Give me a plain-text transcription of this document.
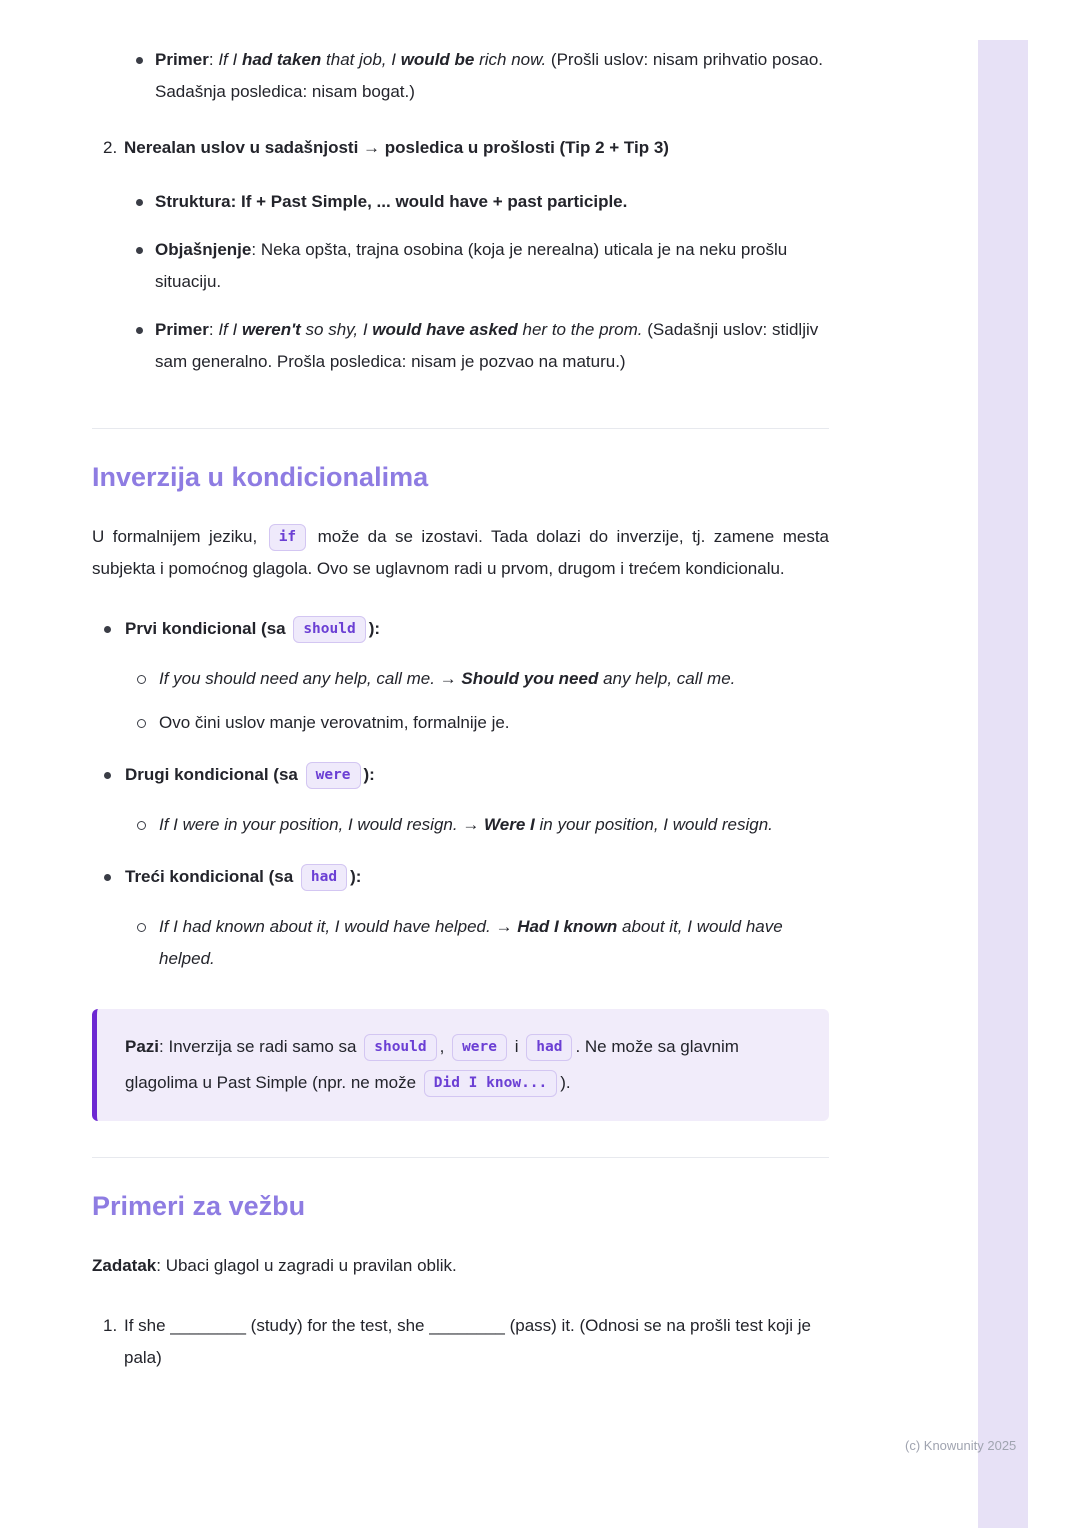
Primer: If I had taken that job, I would be rich now. (Prošli uslov: nisam prihvatio posao. Sadašnja posledica: nisam bogat.)
2. Nerealan uslov u sadašnjosti → posledica u prošlosti (Tip 2 + Tip 3)
Struktura: If + Past Simple, ... would have + past participle.
Objašnjenje: Neka opšta, trajna osobina (koja je nerealna) uticala je na neku prošlu situaciju.
Primer: If I weren't so shy, I would have asked her to the prom. (Sadašnji uslov: stidljiv sam generalno. Prošla posledica: nisam je pozvao na maturu.)
Inverzija u kondicionalima

U formalnijem jeziku, if može da se izostavi. Tada dolazi do inverzije, tj. zamene mesta subjekta i pomoćnog glagola. Ovo se uglavnom radi u prvom, drugom i trećem kondicionalu.

Prvi kondicional (sa should ):
If you should need any help, call me. → Should you need any help, call me.
Ovo čini uslov manje verovatnim, formalnije je.
Drugi kondicional (sa were ):
If I were in your position, I would resign. → Were I in your position, I would resign.
Treći kondicional (sa had ):
If I had known about it, I would have helped. → Had I known about it, I would have helped.

Pazi: Inverzija se radi samo sa should , were i had . Ne može sa glavnim glagolima u Past Simple (npr. ne može Did I know... ).

Primeri za vežbu

Zadatak: Ubaci glagol u zagradi u pravilan oblik.

1. If she ________ (study) for the test, she ________ (pass) it. (Odnosi se na prošli test koji je pala)
(c) Knowunity 2025
